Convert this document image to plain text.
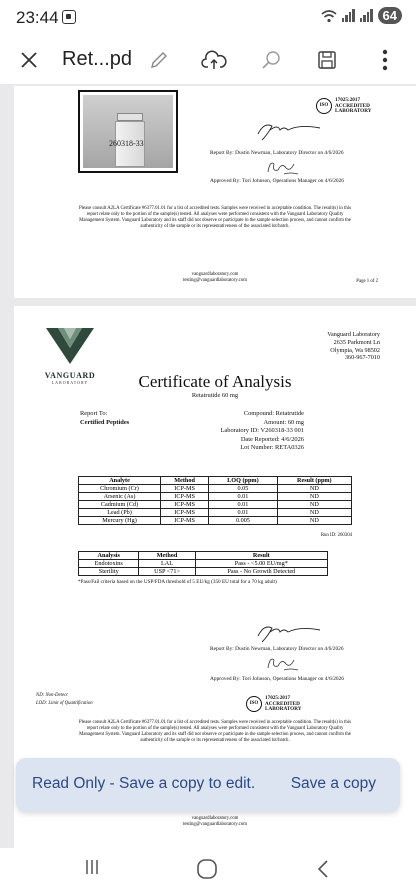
23:44	64
Ret...pd
260318-33
ISO
17025:2017
ACCREDITED
LABORATORY
Report By: Dustin Newman, Laboratory Director on 4/6/2026
Approved By: Tori Johnson, Operations Manager on 4/6/2026
Please consult A2LA Certificate #6377.01.01 for a list of accredited tests. Samples were received in acceptable condition. The result(s) in this
report relate only to the portion of the sample(s) tested. All analyses were performed consistent with the Vanguard Laboratory Quality
Management System. Vanguard Laboratory and its staff did not observe or participate in the sample selection process, and cannot confirm the
authenticity of the sample or its representativeness of the associated lot/batch.
vanguardlaboratory.com
testing@vanguardlaboratory.com	Page 1 of 2
VANGUARD
LABORATORY
Vanguard Laboratory
2635 Parkmont Ln
Olympia, Wa 98502
360-967-7010
Certificate of Analysis
Retatrutide 60 mg
Report To:
Certified Peptides
Compound: Retatrutide
Amount: 60 mg
Laboratory ID: V260318-33 001
Date Reported: 4/6/2026
Lot Number: RETA0326
Analyte	Method	LOQ (ppm)	Result (ppm)
Chromium (Cr)	ICP-MS	0.05	ND
Arsenic (As)	ICP-MS	0.01	ND
Cadmium (Cd)	ICP-MS	0.01	ND
Lead (Pb)	ICP-MS	0.01	ND
Mercury (Hg)	ICP-MS	0.005	ND
Run ID: 260304
Analysis	Method	Result
Endotoxins	LAL	Pass - <5.00 EU/mg*
Sterility	USP <71>	Pass - No Growth Detected
*Pass/Fail criteria based on the USP/FDA threshold of 5 EU/kg (350 EU total for a 70 kg adult)
Report By: Dustin Newman, Laboratory Director on 4/6/2026
Approved By: Tori Johnson, Operations Manager on 4/6/2026
ND: Non-Detect
LOD: Limit of Quantification	ISO
17025:2017
ACCREDITED
LABORATORY
Please consult A2LA Certificate #6377.01.01 for a list of accredited tests. Samples were received in acceptable condition. The result(s) in this
report relate only to the portion of the sample(s) tested. All analyses were performed consistent with the Vanguard Laboratory Quality
Management System. Vanguard Laboratory and its staff did not observe or participate in the sample selection process, and cannot confirm the
authenticity of the sample or its representativeness of the associated lot/batch.
vanguardlaboratory.com
testing@vanguardlaboratory.com
Read Only - Save a copy to edit. Save a copy
